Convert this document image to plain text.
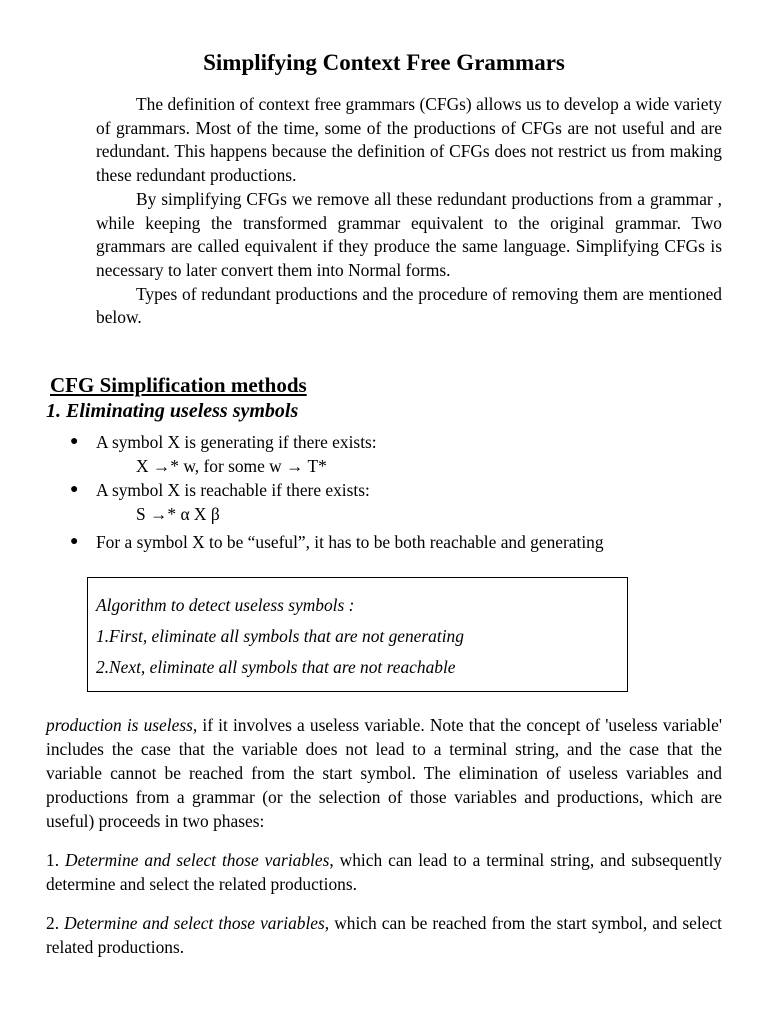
Simplifying Context Free Grammars

The definition of context free grammars (CFGs) allows us to develop a wide variety of grammars. Most of the time, some of the productions of CFGs are not useful and are redundant. This happens because the definition of CFGs does not restrict us from making these redundant productions.

By simplifying CFGs we remove all these redundant productions from a grammar , while keeping the transformed grammar equivalent to the original grammar. Two grammars are called equivalent if they produce the same language. Simplifying CFGs is necessary to later convert them into Normal forms.

Types of redundant productions and the procedure of removing them are mentioned below.

CFG Simplification methods
1. Eliminating useless symbols
●	A symbol X is generating if there exists:
X →* w, for some w → T*
●	A symbol X is reachable if there exists:
S →* α X β
●	For a symbol X to be “useful”, it has to be both reachable and generating
Algorithm to detect useless symbols :
1.First, eliminate all symbols that are not generating
2.Next, eliminate all symbols that are not reachable

production is useless, if it involves a useless variable. Note that the concept of 'useless variable' includes the case that the variable does not lead to a terminal string, and the case that the variable cannot be reached from the start symbol. The elimination of useless variables and productions from a grammar (or the selection of those variables and productions, which are useful) proceeds in two phases:

1. Determine and select those variables, which can lead to a terminal string, and subsequently determine and select the related productions.

2. Determine and select those variables, which can be reached from the start symbol, and select related productions.
